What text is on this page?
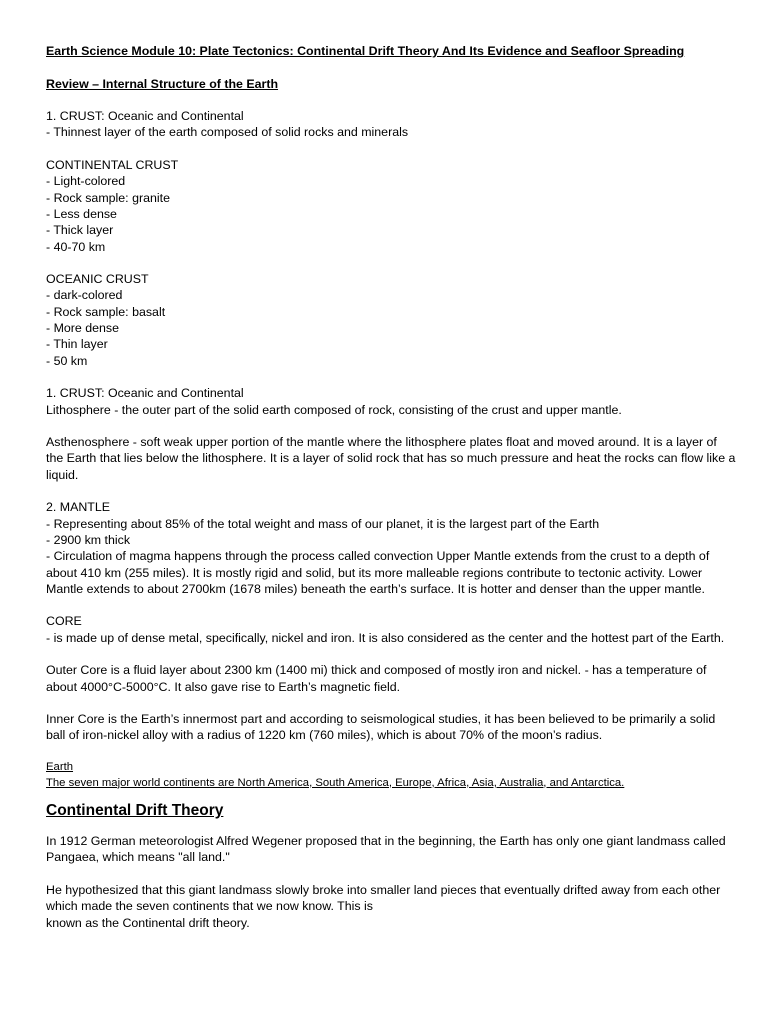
Earth Science Module 10: Plate Tectonics: Continental Drift Theory And Its Evidence and Seafloor Spreading

Review – Internal Structure of the Earth

1. CRUST: Oceanic and Continental

- Thinnest layer of the earth composed of solid rocks and minerals

CONTINENTAL CRUST

- Light-colored

- Rock sample: granite

- Less dense

- Thick layer

- 40-70 km

OCEANIC CRUST

- dark-colored

- Rock sample: basalt

- More dense

- Thin layer

- 50 km

1. CRUST: Oceanic and Continental

Lithosphere - the outer part of the solid earth composed of rock, consisting of the crust and upper mantle.

Asthenosphere - soft weak upper portion of the mantle where the lithosphere plates float and moved around. It is a layer of the Earth that lies below the lithosphere. It is a layer of solid rock that has so much pressure and heat the rocks can flow like a liquid.

2. MANTLE

- Representing about 85% of the total weight and mass of our planet, it is the largest part of the Earth

- 2900 km thick

- Circulation of magma happens through the process called convection Upper Mantle extends from the crust to a depth of about 410 km (255 miles). It is mostly rigid and solid, but its more malleable regions contribute to tectonic activity. Lower Mantle extends to about 2700km (1678 miles) beneath the earth’s surface. It is hotter and denser than the upper mantle.

CORE

- is made up of dense metal, specifically, nickel and iron. It is also considered as the center and the hottest part of the Earth.

Outer Core is a fluid layer about 2300 km (1400 mi) thick and composed of mostly iron and nickel. - has a temperature of about 4000°C-5000°C. It also gave rise to Earth’s magnetic field.

Inner Core is the Earth’s innermost part and according to seismological studies, it has been believed to be primarily a solid ball of iron-nickel alloy with a radius of 1220 km (760 miles), which is about 70% of the moon’s radius.

Earth

The seven major world continents are North America, South America, Europe, Africa, Asia, Australia, and Antarctica.

Continental Drift Theory

In 1912 German meteorologist Alfred Wegener proposed that in the beginning, the Earth has only one giant landmass called Pangaea, which means "all land."

He hypothesized that this giant landmass slowly broke into smaller land pieces that eventually drifted away from each other which made the seven continents that we now know. This is

known as the Continental drift theory.
